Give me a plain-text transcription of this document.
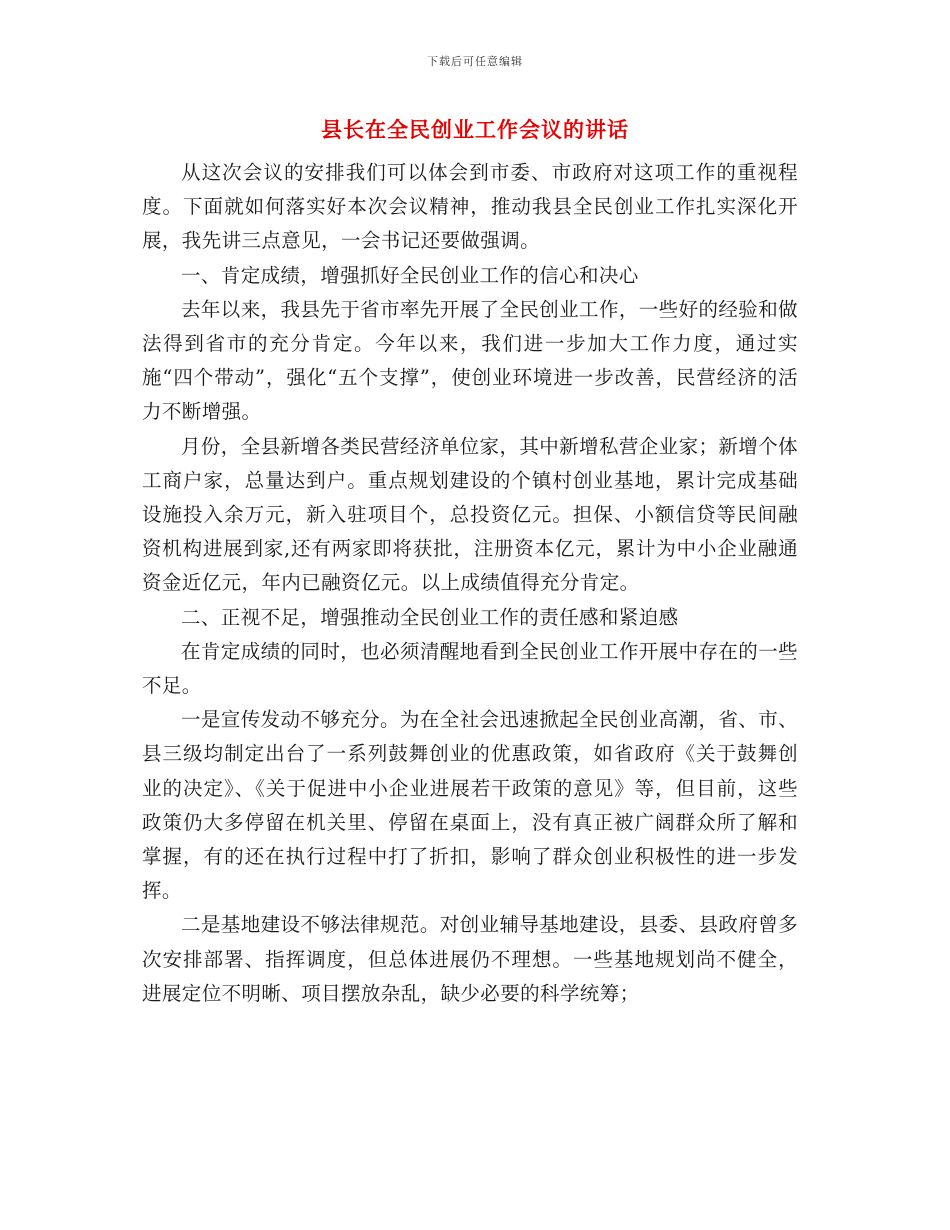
下载后可任意编辑
县长在全民创业工作会议的讲话

从这次会议的安排我们可以体会到市委、市政府对这项工作的重视程度。下面就如何落实好本次会议精神，推动我县全民创业工作扎实深化开展，我先讲三点意见，一会书记还要做强调。

一、肯定成绩，增强抓好全民创业工作的信心和决心

去年以来，我县先于省市率先开展了全民创业工作，一些好的经验和做法得到省市的充分肯定。今年以来，我们进一步加大工作力度，通过实施“四个带动”，强化“五个支撑”，使创业环境进一步改善，民营经济的活力不断增强。

月份，全县新增各类民营经济单位家，其中新增私营企业家；新增个体工商户家，总量达到户。重点规划建设的个镇村创业基地，累计完成基础设施投入余万元，新入驻项目个，总投资亿元。担保、小额信贷等民间融资机构进展到家,还有两家即将获批，注册资本亿元，累计为中小企业融通资金近亿元，年内已融资亿元。以上成绩值得充分肯定。

二、正视不足，增强推动全民创业工作的责任感和紧迫感

在肯定成绩的同时，也必须清醒地看到全民创业工作开展中存在的一些不足。

一是宣传发动不够充分。为在全社会迅速掀起全民创业高潮，省、市、县三级均制定出台了一系列鼓舞创业的优惠政策，如省政府《关于鼓舞创业的决定》、《关于促进中小企业进展若干政策的意见》等，但目前，这些政策仍大多停留在机关里、停留在桌面上，没有真正被广阔群众所了解和掌握，有的还在执行过程中打了折扣，影响了群众创业积极性的进一步发挥。

二是基地建设不够法律规范。对创业辅导基地建设，县委、县政府曾多次安排部署、指挥调度，但总体进展仍不理想。一些基地规划尚不健全，进展定位不明晰、项目摆放杂乱，缺少必要的科学统筹；
